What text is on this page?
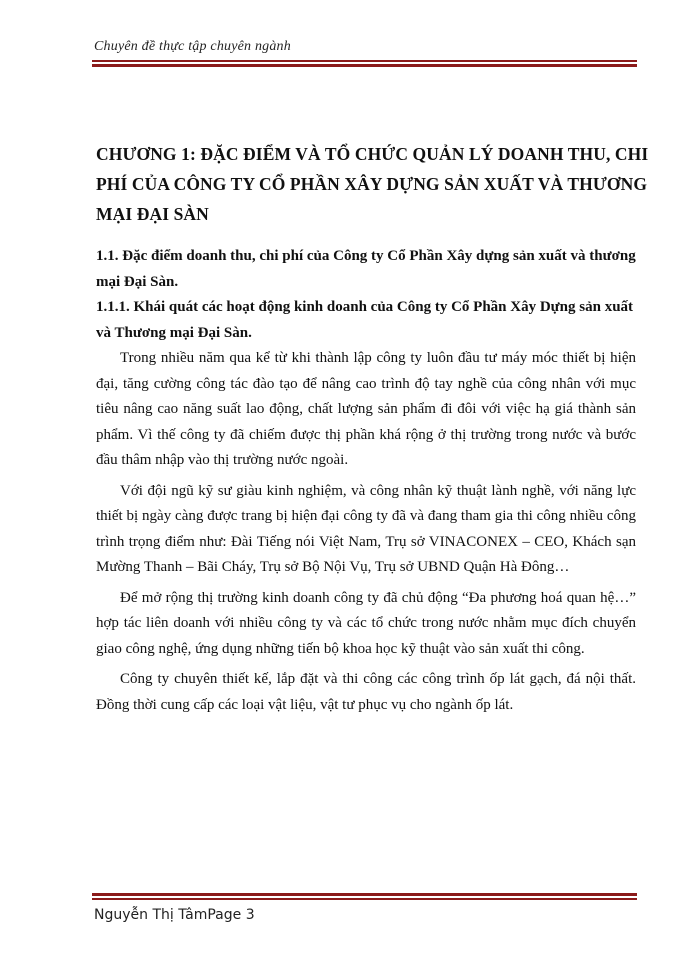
Chuyên đề thực tập chuyên ngành
CHƯƠNG 1: ĐẶC ĐIỂM VÀ TỔ CHỨC QUẢN LÝ DOANH THU, CHI PHÍ CỦA CÔNG TY CỔ PHẦN XÂY DỰNG SẢN XUẤT VÀ THƯƠNG MẠI ĐẠI SÀN

1.1. Đặc điểm doanh thu, chi phí của Công ty Cổ Phần Xây dựng sản xuất và thương mại Đại Sàn.

1.1.1. Khái quát các hoạt động kinh doanh của Công ty Cổ Phần Xây Dựng sản xuất và Thương mại Đại Sàn.

Trong nhiều năm qua kể từ khi thành lập công ty luôn đầu tư máy móc thiết bị hiện đại, tăng cường công tác đào tạo để nâng cao trình độ tay nghề của công nhân với mục tiêu nâng cao năng suất lao động, chất lượng sản phẩm đi đôi với việc hạ giá thành sản phẩm. Vì thế công ty đã chiếm được thị phần khá rộng ở thị trường trong nước và bước đầu thâm nhập vào thị trường nước ngoài.

Với đội ngũ kỹ sư giàu kinh nghiệm, và công nhân kỹ thuật lành nghề, với năng lực thiết bị ngày càng được trang bị hiện đại công ty đã và đang tham gia thi công nhiều công trình trọng điểm như: Đài Tiếng nói Việt Nam, Trụ sở VINACONEX – CEO, Khách sạn Mường Thanh – Bãi Cháy, Trụ sở Bộ Nội Vụ, Trụ sở UBND Quận Hà Đông…

Để mở rộng thị trường kinh doanh công ty đã chủ động “Đa phương hoá quan hệ…” hợp tác liên doanh với nhiều công ty và các tổ chức trong nước nhằm mục đích chuyển giao công nghệ, ứng dụng những tiến bộ khoa học kỹ thuật vào sản xuất thi công.

Công ty chuyên thiết kế, lắp đặt và thi công các công trình ốp lát gạch, đá nội thất. Đồng thời cung cấp các loại vật liệu, vật tư phục vụ cho ngành ốp lát.

Nguyễn Thị TâmPage 3
